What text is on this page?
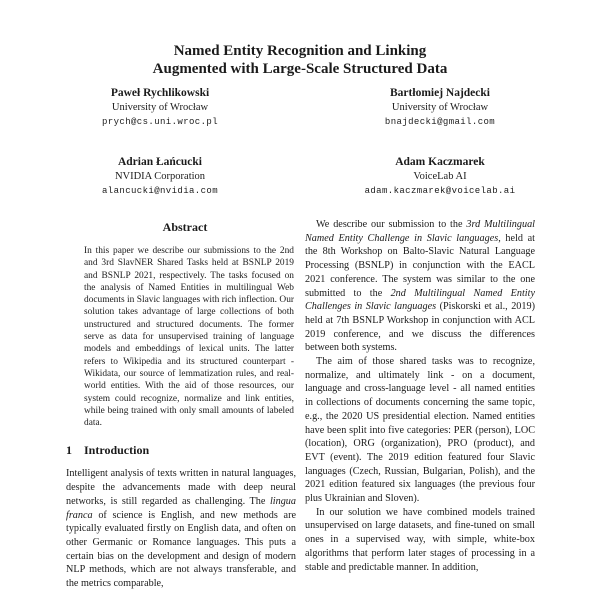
Named Entity Recognition and Linking
Augmented with Large-Scale Structured Data
Paweł Rychlikowski
University of Wrocław
prych@cs.uni.wroc.pl
Bartłomiej Najdecki
University of Wrocław
bnajdecki@gmail.com
Adrian Łańcucki
NVIDIA Corporation
alancucki@nvidia.com
Adam Kaczmarek
VoiceLab AI
adam.kaczmarek@voicelab.ai
Abstract
In this paper we describe our submissions to the 2nd and 3rd SlavNER Shared Tasks held at BSNLP 2019 and BSNLP 2021, respectively. The tasks focused on the analysis of Named Entities in multilingual Web documents in Slavic languages with rich inflection. Our solution takes advantage of large collections of both unstructured and structured documents. The former serve as data for unsupervised training of language models and embeddings of lexical units. The latter refers to Wikipedia and its structured counterpart - Wikidata, our source of lemmatization rules, and real-world entities. With the aid of those resources, our system could recognize, normalize and link entities, while being trained with only small amounts of labeled data.
1 Introduction

Intelligent analysis of texts written in natural languages, despite the advancements made with deep neural networks, is still regarded as challenging. The lingua franca of science is English, and new methods are typically evaluated firstly on English data, and often on other Germanic or Romance languages. This puts a certain bias on the development and design of modern NLP methods, which are not always transferable, and the metrics comparable,

We describe our submission to the 3rd Multilingual Named Entity Challenge in Slavic languages, held at the 8th Workshop on Balto-Slavic Natural Language Processing (BSNLP) in conjunction with the EACL 2021 conference. The system was similar to the one submitted to the 2nd Multilingual Named Entity Challenges in Slavic languages (Piskorski et al., 2019) held at 7th BSNLP Workshop in conjunction with ACL 2019 conference, and we discuss the differences between both systems.

The aim of those shared tasks was to recognize, normalize, and ultimately link - on a document, language and cross-language level - all named entities in collections of documents concerning the same topic, e.g., the 2020 US presidential election. Named entities have been split into five categories: PER (person), LOC (location), ORG (organization), PRO (product), and EVT (event). The 2019 edition featured four Slavic languages (Czech, Russian, Bulgarian, Polish), and the 2021 edition featured six languages (the previous four plus Ukrainian and Sloven).

In our solution we have combined models trained unsupervised on large datasets, and fine-tuned on small ones in a supervised way, with simple, white-box algorithms that perform later stages of processing in a stable and predictable manner. In addition,
